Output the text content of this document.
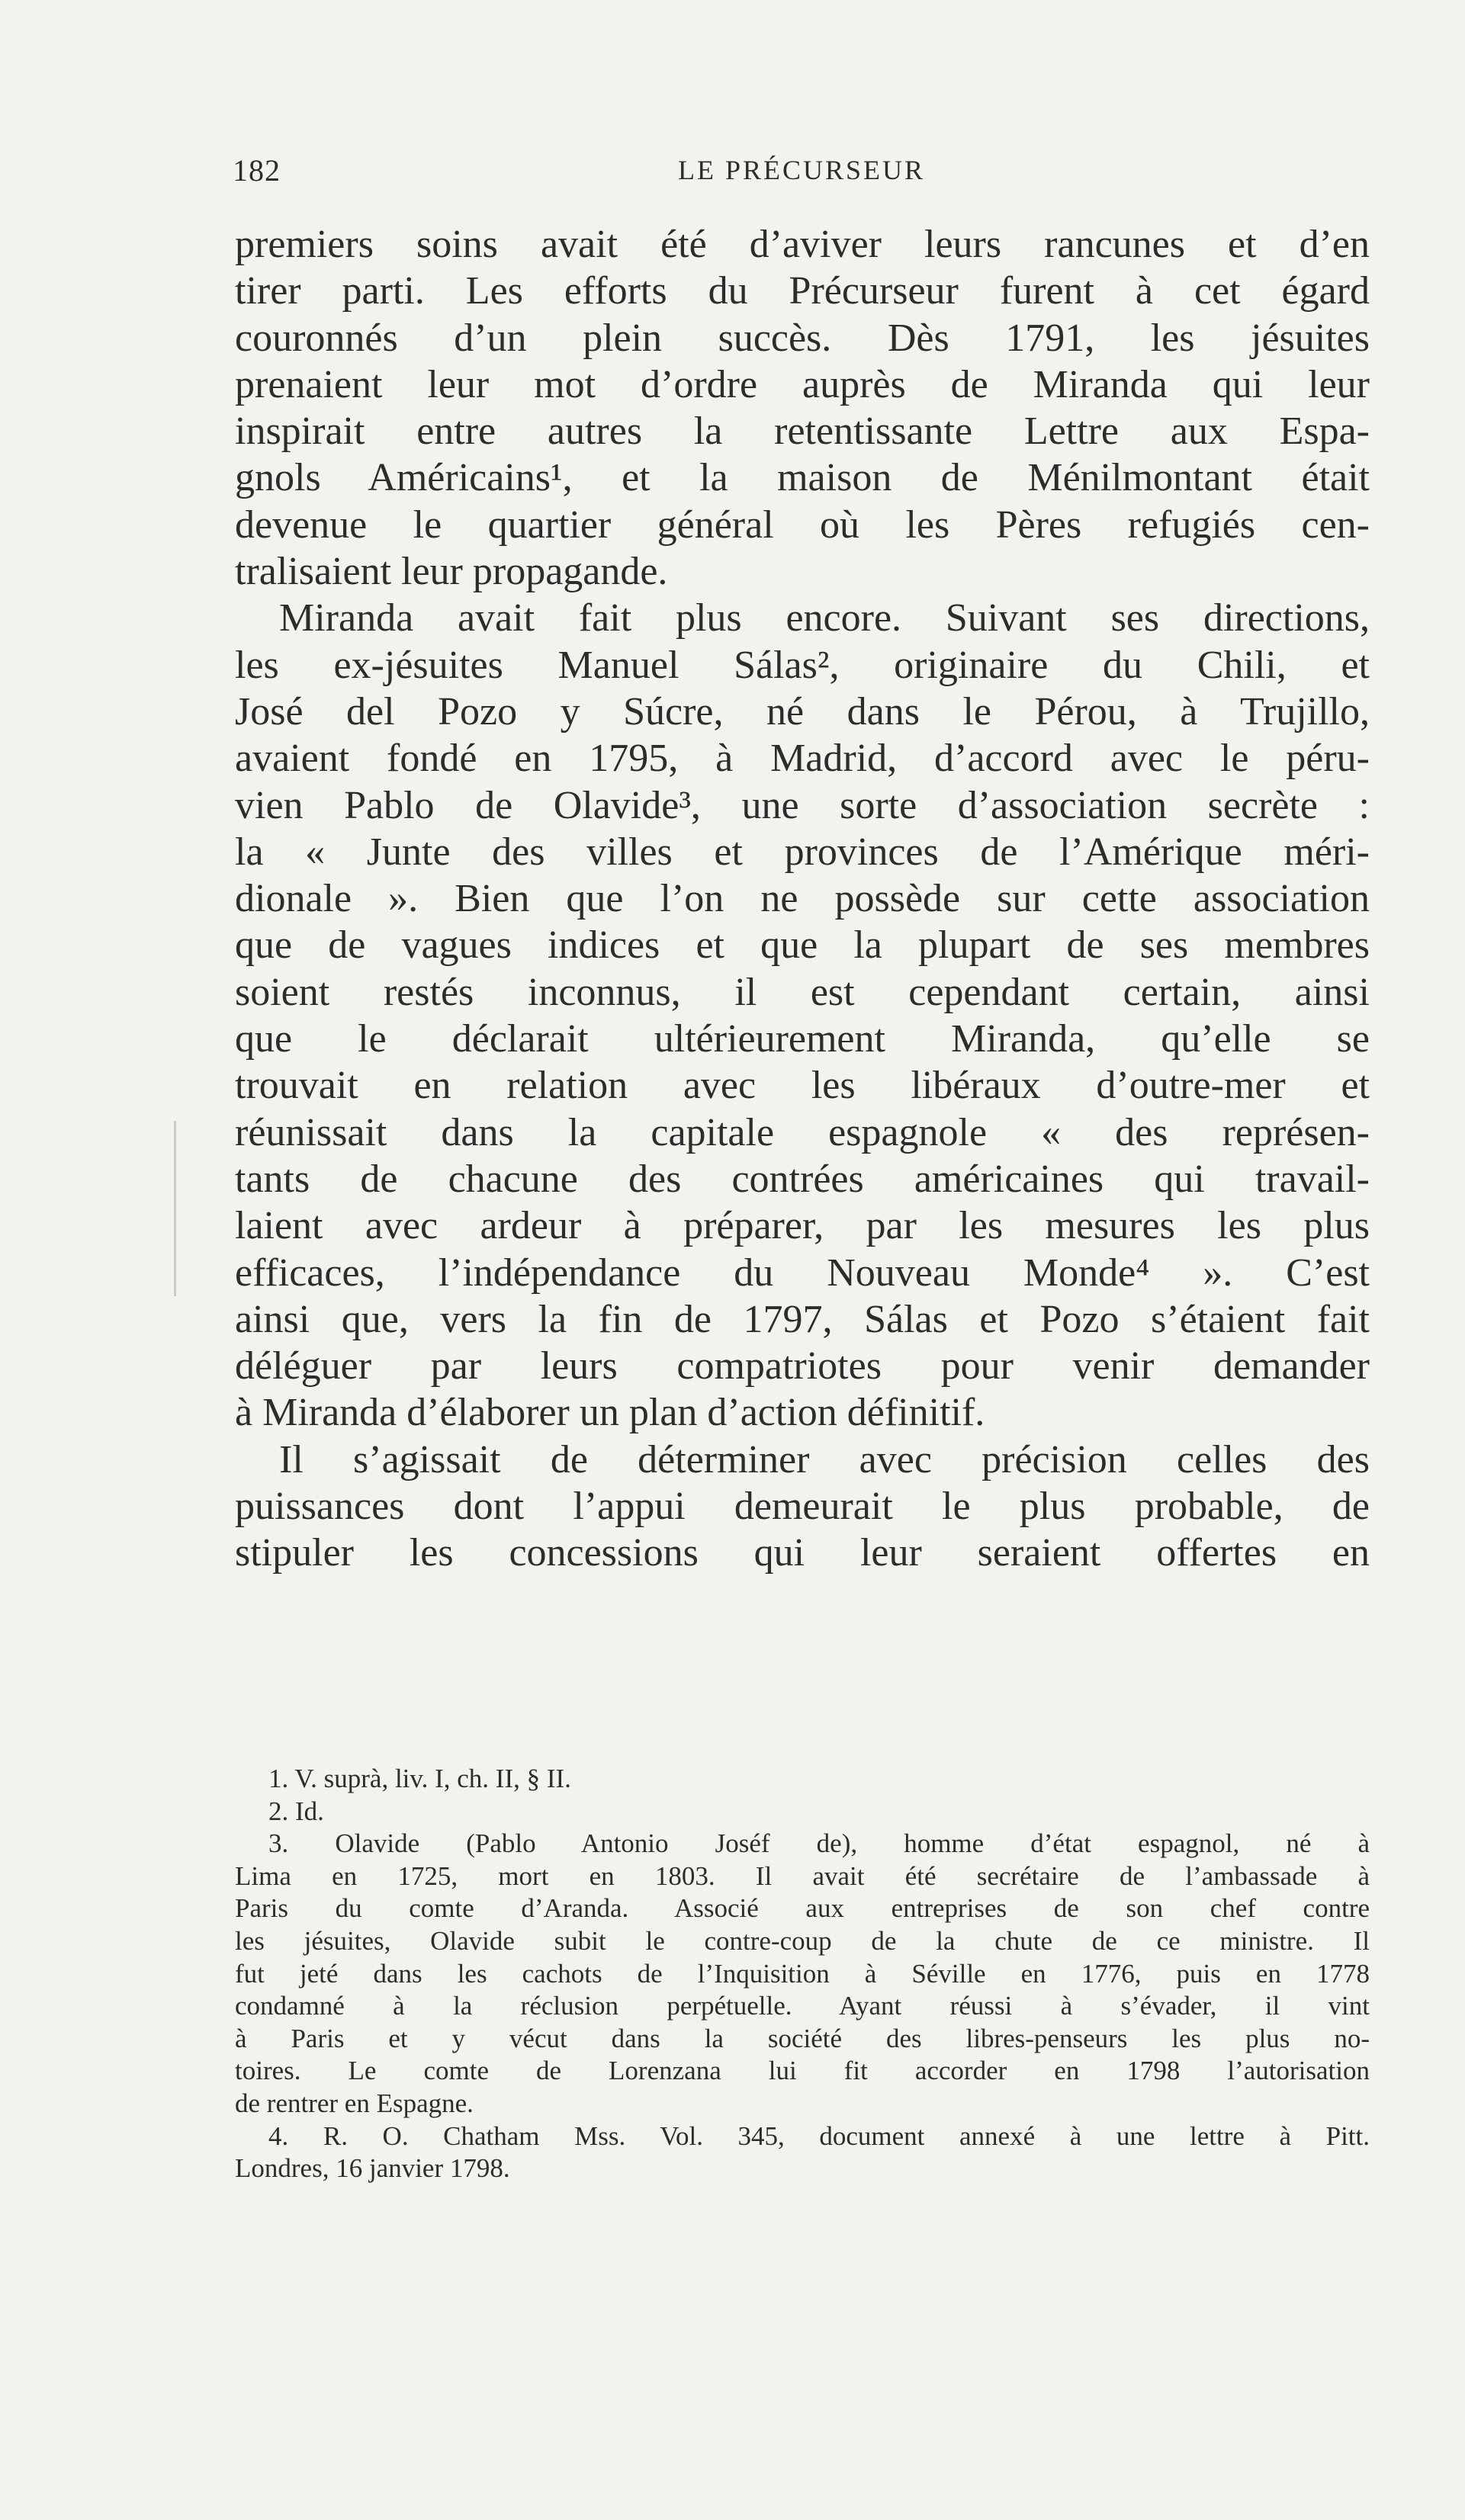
182	LE PRÉCURSEUR
premiers soins avait été d’aviver leurs rancunes et d’en
tirer parti. Les efforts du Précurseur furent à cet égard
couronnés d’un plein succès. Dès 1791, les jésuites
prenaient leur mot d’ordre auprès de Miranda qui leur
inspirait entre autres la retentissante Lettre aux Espa-
gnols Américains¹, et la maison de Ménilmontant était
devenue le quartier général où les Pères refugiés cen-
tralisaient leur propagande.
Miranda avait fait plus encore. Suivant ses directions,
les ex-jésuites Manuel Sálas², originaire du Chili, et
José del Pozo y Súcre, né dans le Pérou, à Trujillo,
avaient fondé en 1795, à Madrid, d’accord avec le péru-
vien Pablo de Olavide³, une sorte d’association secrète :
la « Junte des villes et provinces de l’Amérique méri-
dionale ». Bien que l’on ne possède sur cette association
que de vagues indices et que la plupart de ses membres
soient restés inconnus, il est cependant certain, ainsi
que le déclarait ultérieurement Miranda, qu’elle se
trouvait en relation avec les libéraux d’outre-mer et
réunissait dans la capitale espagnole « des représen-
tants de chacune des contrées américaines qui travail-
laient avec ardeur à préparer, par les mesures les plus
efficaces, l’indépendance du Nouveau Monde⁴ ». C’est
ainsi que, vers la fin de 1797, Sálas et Pozo s’étaient fait
déléguer par leurs compatriotes pour venir demander
à Miranda d’élaborer un plan d’action définitif.
Il s’agissait de déterminer avec précision celles des
puissances dont l’appui demeurait le plus probable, de
stipuler les concessions qui leur seraient offertes en
1. V. suprà, liv. I, ch. II, § II.
2. Id.
3. Olavide (Pablo Antonio Joséf de), homme d’état espagnol, né à
Lima en 1725, mort en 1803. Il avait été secrétaire de l’ambassade à
Paris du comte d’Aranda. Associé aux entreprises de son chef contre
les jésuites, Olavide subit le contre-coup de la chute de ce ministre. Il
fut jeté dans les cachots de l’Inquisition à Séville en 1776, puis en 1778
condamné à la réclusion perpétuelle. Ayant réussi à s’évader, il vint
à Paris et y vécut dans la société des libres-penseurs les plus no-
toires. Le comte de Lorenzana lui fit accorder en 1798 l’autorisation
de rentrer en Espagne.
4. R. O. Chatham Mss. Vol. 345, document annexé à une lettre à Pitt.
Londres, 16 janvier 1798.
